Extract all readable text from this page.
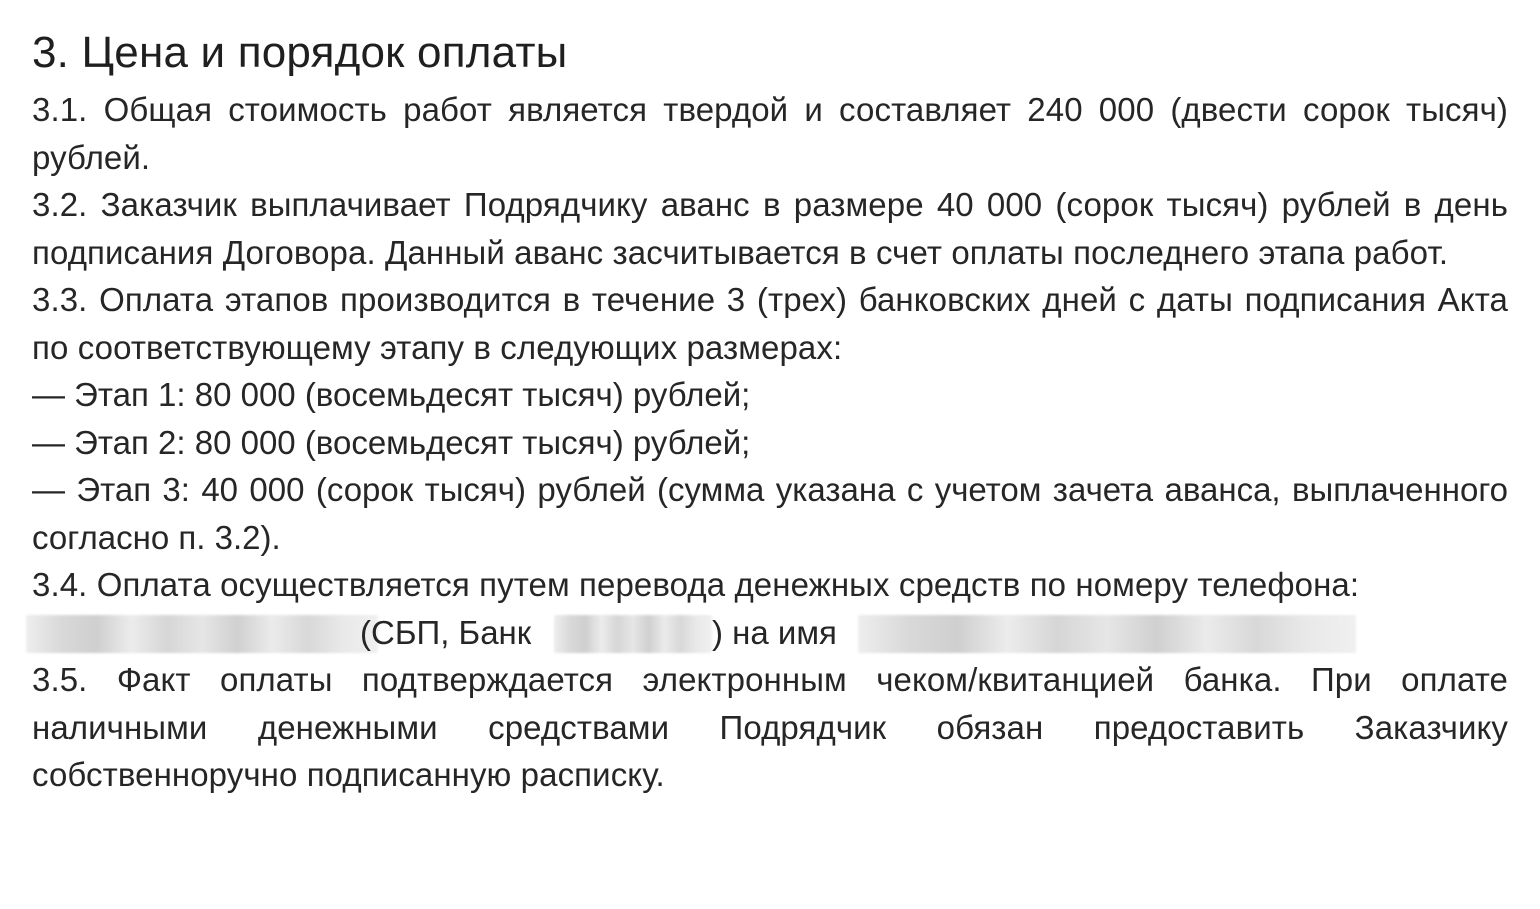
3. Цена и порядок оплаты

3.1. Общая стоимость работ является твердой и составляет 240 000 (двести сорок тысяч) рублей.

3.2. Заказчик выплачивает Подрядчику аванс в размере 40 000 (сорок тысяч) рублей в день подписания Договора. Данный аванс засчитывается в счет оплаты последнего этапа работ.

3.3. Оплата этапов производится в течение 3 (трех) банковских дней с даты подписания Акта по соответствующему этапу в следующих размерах:

— Этап 1: 80 000 (восемьдесят тысяч) рублей;

— Этап 2: 80 000 (восемьдесят тысяч) рублей;

— Этап 3: 40 000 (сорок тысяч) рублей (сумма указана с учетом зачета аванса, выплаченного согласно п. 3.2).

3.4. Оплата осуществляется путем перевода денежных средств по номеру телефона:

(СБП, Банк	) на имя

3.5. Факт оплаты подтверждается электронным чеком/квитанцией банка. При оплате наличными денежными средствами Подрядчик обязан предоставить Заказчику собственноручно подписанную расписку.
